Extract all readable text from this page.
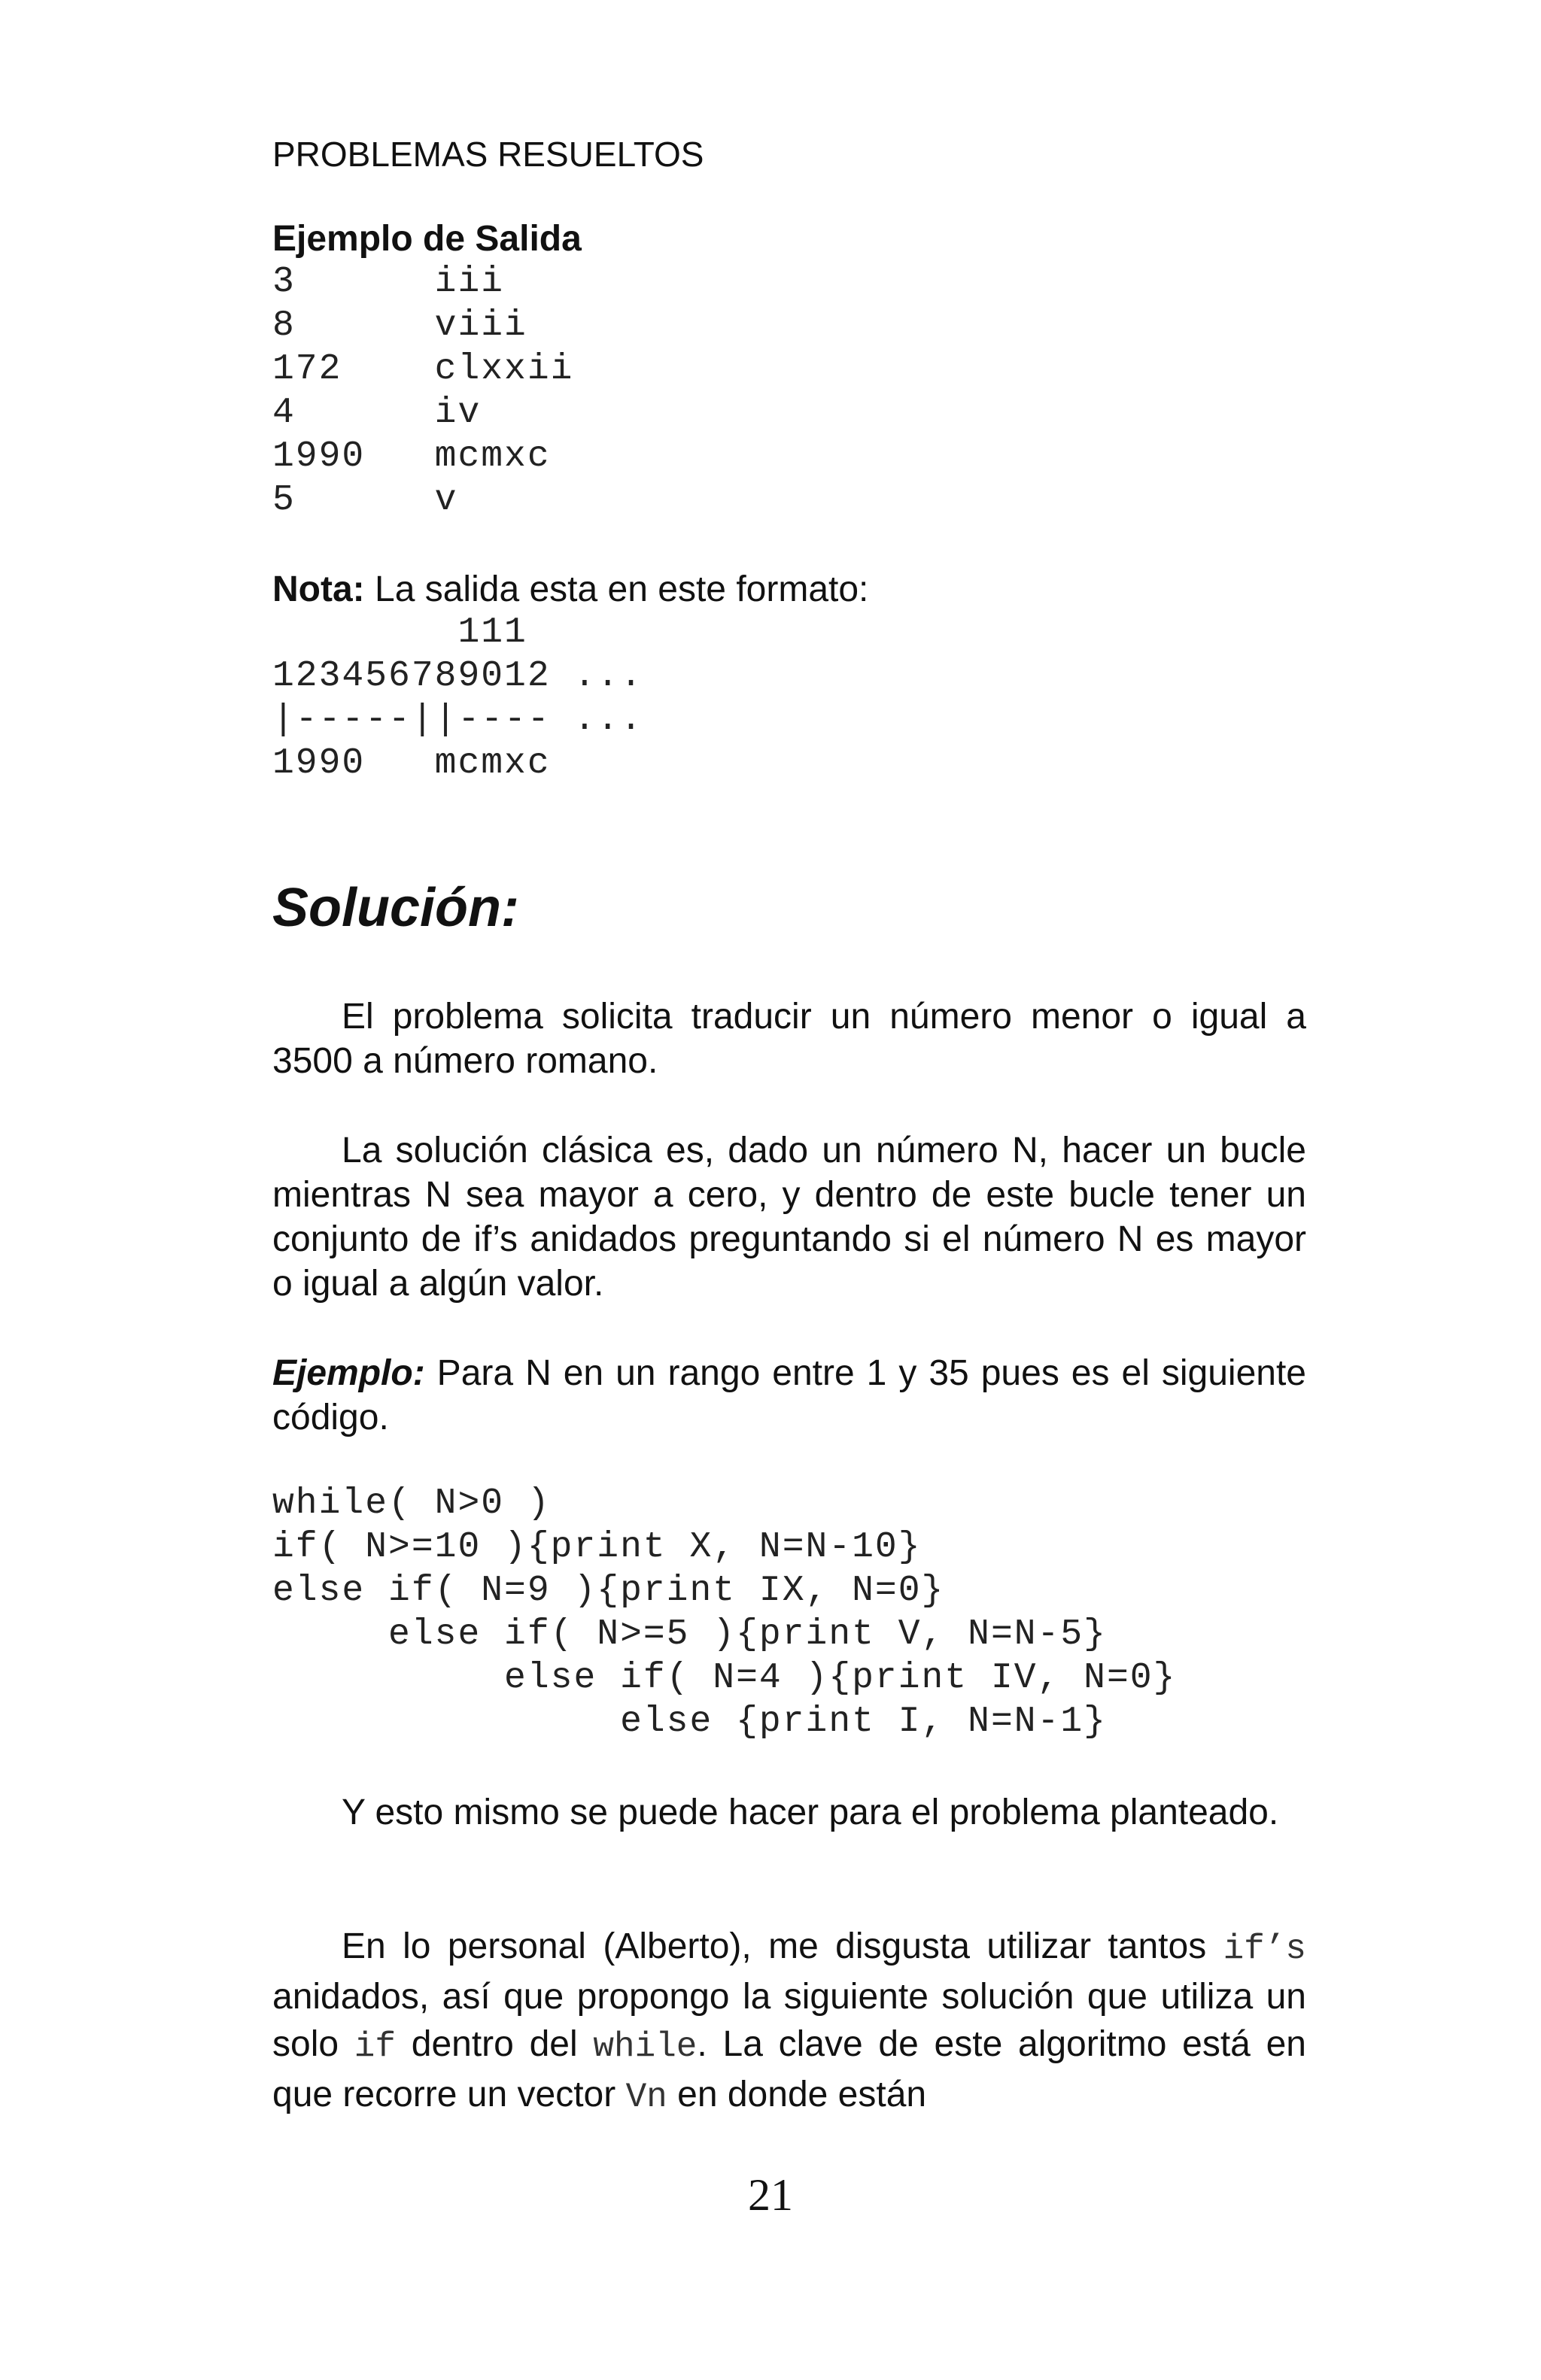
PROBLEMAS RESUELTOS
Ejemplo de Salida
3      iii
8      viii
172    clxxii
4      iv
1990   mcmxc
5      v
Nota: La salida esta en este formato:
111
123456789012 ...
|-----||---- ...
1990   mcmxc
Solución:
El problema solicita traducir un número menor o igual a 3500 a número romano.
La solución clásica es, dado un número N, hacer un bucle mientras N sea mayor a cero, y dentro de este bucle tener un conjunto de if’s anidados preguntando si el número N es mayor o igual a algún valor.
Ejemplo: Para N en un rango entre 1 y 35 pues es el siguiente código.
while( N>0 )
if( N>=10 ){print X, N=N-10}
else if( N=9 ){print IX, N=0}
else if( N>=5 ){print V, N=N-5}
else if( N=4 ){print IV, N=0}
else {print I, N=N-1}
Y esto mismo se puede hacer para el problema planteado.
En lo personal (Alberto), me disgusta utilizar tantos if’s anidados, así que propongo la siguiente solución que utiliza un solo if dentro del while. La clave de este algoritmo está en que recorre un vector Vn en donde están
21
